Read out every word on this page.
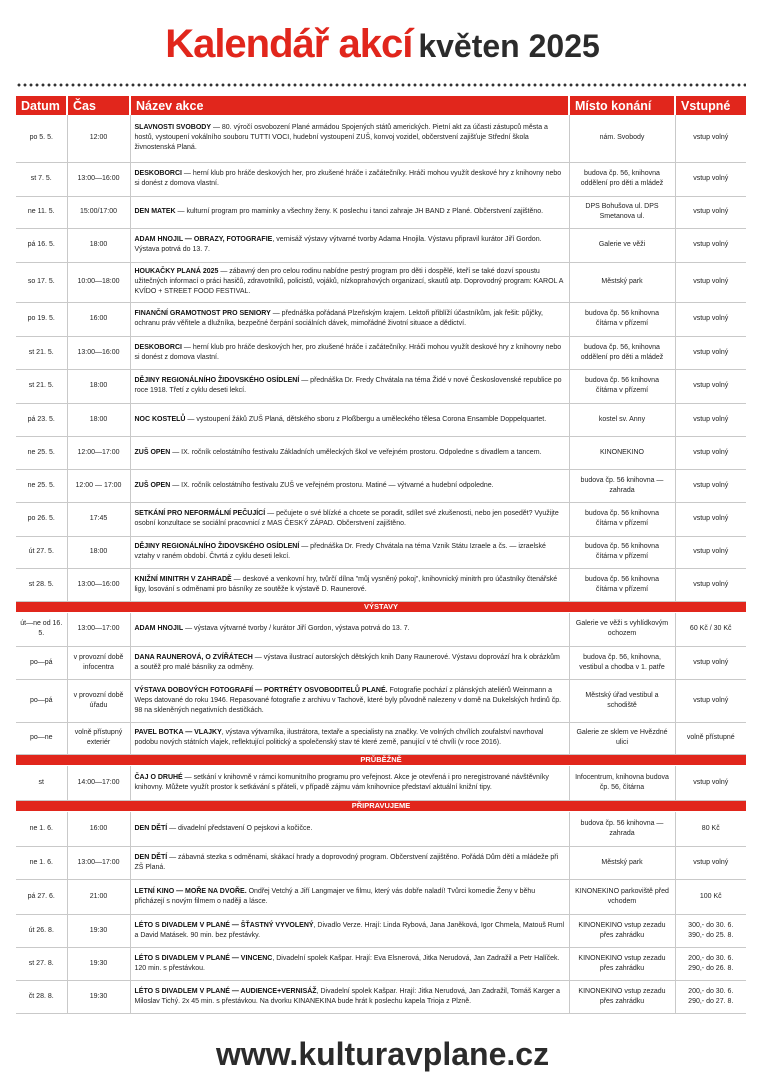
Kalendář akcí květen 2025
Datum	Čas	Název akce	Místo konání	Vstupné
po 5. 5.	12:00	SLAVNOSTI SVOBODY — 80. výročí osvobození Plané armádou Spojených států amerických. Pietní akt za účasti zástupců města a hostů, vystoupení vokálního souboru TUTTI VOCI, hudební vystoupení ZUŠ, konvoj vozidel, občerstvení zajišťuje Střední škola živnostenská Planá.	nám. Svobody	vstup volný
st 7. 5.	13:00—16:00	DESKOBORCI — herní klub pro hráče deskových her, pro zkušené hráče i začátečníky. Hráči mohou využít deskové hry z knihovny nebo si donést z domova vlastní.	budova čp. 56, knihovna oddělení pro děti a mládež	vstup volný
ne 11. 5.	15:00/17:00	DEN MATEK — kulturní program pro maminky a všechny ženy. K poslechu i tanci zahraje JH BAND z Plané. Občerstvení zajištěno.	DPS Bohušova ul. DPS Smetanova ul.	vstup volný
pá 16. 5.	18:00	ADAM HNOJIL — OBRAZY, FOTOGRAFIE, vernisáž výstavy výtvarné tvorby Adama Hnojila. Výstavu připravil kurátor Jiří Gordon. Výstava potrvá do 13. 7.	Galerie ve věži	vstup volný
so 17. 5.	10:00—18:00	HOUKAČKY PLANÁ 2025 — zábavný den pro celou rodinu nabídne pestrý program pro děti i dospělé, kteří se také dozví spoustu užitečných informací o práci hasičů, zdravotníků, policistů, vojáků, nízkoprahových organizací, skautů atp. Doprovodný program: KAROL A KVÍDO + STREET FOOD FESTIVAL.	Městský park	vstup volný
po 19. 5.	16:00	FINANČNÍ GRAMOTNOST PRO SENIORY — přednáška pořádaná Plzeňským krajem. Lektoři přiblíží účastníkům, jak řešit: půjčky, ochranu práv věřitele a dlužníka, bezpečné čerpání sociálních dávek, mimořádné životní situace a dědictví.	budova čp. 56 knihovna čítárna v přízemí	vstup volný
st 21. 5.	13:00—16:00	DESKOBORCI — herní klub pro hráče deskových her, pro zkušené hráče i začátečníky. Hráči mohou využít deskové hry z knihovny nebo si donést z domova vlastní.	budova čp. 56, knihovna oddělení pro děti a mládež	vstup volný
st 21. 5.	18:00	DĚJINY REGIONÁLNÍHO ŽIDOVSKÉHO OSÍDLENÍ — přednáška Dr. Fredy Chvátala na téma Židé v nové Československé republice po roce 1918. Třetí z cyklu deseti lekcí.	budova čp. 56 knihovna čítárna v přízemí	vstup volný
pá 23. 5.	18:00	NOC KOSTELŮ — vystoupení žáků ZUŠ Planá, dětského sboru z Ploßbergu a uměleckého tělesa Corona Ensamble Doppelquartet.	kostel sv. Anny	vstup volný
ne 25. 5.	12:00—17:00	ZUŠ OPEN — IX. ročník celostátního festivalu Základních uměleckých škol ve veřejném prostoru. Odpoledne s divadlem a tancem.	KINONEKINO	vstup volný
ne 25. 5.	12:00 — 17:00	ZUŠ OPEN — IX. ročník celostátního festivalu ZUŠ ve veřejném prostoru. Matiné — výtvarné a hudební odpoledne.	budova čp. 56 knihovna — zahrada	vstup volný
po 26. 5.	17:45	SETKÁNÍ PRO NEFORMÁLNÍ PEČUJÍCÍ — pečujete o své blízké a chcete se poradit, sdílet své zkušenosti, nebo jen posedět? Využijte osobní konzultace se sociální pracovnicí z MAS ČESKÝ ZÁPAD. Občerstvení zajištěno.	budova čp. 56 knihovna čítárna v přízemí	vstup volný
út 27. 5.	18:00	DĚJINY REGIONÁLNÍHO ŽIDOVSKÉHO OSÍDLENÍ — přednáška Dr. Fredy Chvátala na téma Vznik Státu Izraele a čs. — izraelské vztahy v raném období. Čtvrtá z cyklu deseti lekcí.	budova čp. 56 knihovna čítárna v přízemí	vstup volný
st 28. 5.	13:00—16:00	KNIŽNÍ MINITRH V ZAHRADĚ — deskové a venkovní hry, tvůrčí dílna "můj vysněný pokoj", knihovnický minitrh pro účastníky čtenářské ligy, losování s odměnami pro básníky ze soutěže k výstavě D. Raunerové.	budova čp. 56 knihovna čítárna v přízemí	vstup volný
VÝSTAVY				
út—ne od 16. 5.	13:00—17:00	ADAM HNOJIL — výstava výtvarné tvorby / kurátor Jiří Gordon, výstava potrvá do 13. 7.	Galerie ve věži s vyhlídkovým ochozem	60 Kč / 30 Kč
po—pá	v provozní době infocentra	DANA RAUNEROVÁ, O ZVÍŘÁTECH — výstava ilustrací autorských dětských knih Dany Raunerové. Výstavu doprovází hra k obrázkům a soutěž pro malé básníky za odměny.	budova čp. 56, knihovna, vestibul a chodba v 1. patře	vstup volný
po—pá	v provozní době úřadu	VÝSTAVA DOBOVÝCH FOTOGRAFIÍ — PORTRÉTY OSVOBODITELŮ PLANÉ. Fotografie pochází z plánských ateliérů Weinmann a Weps datované do roku 1946. Repasované fotografie z archivu v Tachově, které byly původně nalezeny v domě na Dukelských hrdinů čp. 98 na skleněných negativních destičkách.	Městský úřad vestibul a schodiště	vstup volný
po—ne	volně přístupný exteriér	PAVEL BOTKA — VLAJKY, výstava výtvarníka, ilustrátora, textaře a specialisty na značky. Ve volných chvílích zoufalství navrhoval podobu nových státních vlajek, reflektující politický a společenský stav té které země, panující v té chvíli (v roce 2016).	Galerie ze sklem ve Hvězdné ulici	volně přístupné
PRŮBĚŽNĚ				
st	14:00—17:00	ČAJ O DRUHÉ — setkání v knihovně v rámci komunitního programu pro veřejnost. Akce je otevřená i pro neregistrované návštěvníky knihovny. Můžete využít prostor k setkávání s přáteli, v případě zájmu vám knihovnice představí aktuální knižní tipy.	Infocentrum, knihovna budova čp. 56, čítárna	vstup volný
PŘIPRAVUJEME				
ne 1. 6.	16:00	DEN DĚTÍ — divadelní představení O pejskovi a kočičce.	budova čp. 56 knihovna — zahrada	80 Kč
ne 1. 6.	13:00—17:00	DEN DĚTÍ — zábavná stezka s odměnami, skákací hrady a doprovodný program. Občerstvení zajištěno. Pořádá Dům dětí a mládeže při ZŠ Planá.	Městský park	vstup volný
pá 27. 6.	21:00	LETNÍ KINO — MOŘE NA DVOŘE. Ondřej Vetchý a Jiří Langmajer ve filmu, který vás dobře naladí! Tvůrci komedie Ženy v běhu přicházejí s novým filmem o naději a lásce.	KINONEKINO parkoviště před vchodem	100 Kč
út 26. 8.	19:30	LÉTO S DIVADLEM V PLANÉ — ŠŤASTNÝ VYVOLENÝ, Divadlo Verze. Hrají: Linda Rybová, Jana Janěková, Igor Chmela, Matouš Ruml a David Matásek. 90 min. bez přestávky.	KINONEKINO vstup zezadu přes zahrádku	300,- do 30. 6. 390,- do 25. 8.
st 27. 8.	19:30	LÉTO S DIVADLEM V PLANÉ — VINCENC, Divadelní spolek Kašpar. Hrají: Eva Elsnerová, Jitka Nerudová, Jan Zadražil a Petr Halíček. 120 min. s přestávkou.	KINONEKINO vstup zezadu přes zahrádku	200,- do 30. 6. 290,- do 26. 8.
čt 28. 8.	19:30	LÉTO S DIVADLEM V PLANÉ — AUDIENCE+VERNISÁŽ, Divadelní spolek Kašpar. Hrají: Jitka Nerudová, Jan Zadražil, Tomáš Karger a Miloslav Tichý. 2x 45 min. s přestávkou. Na dvorku KINANEKINA bude hrát k poslechu kapela Trioja z Plzně.	KINONEKINO vstup zezadu přes zahrádku	200,- do 30. 6. 290,- do 27. 8.
www.kulturavplane.cz
